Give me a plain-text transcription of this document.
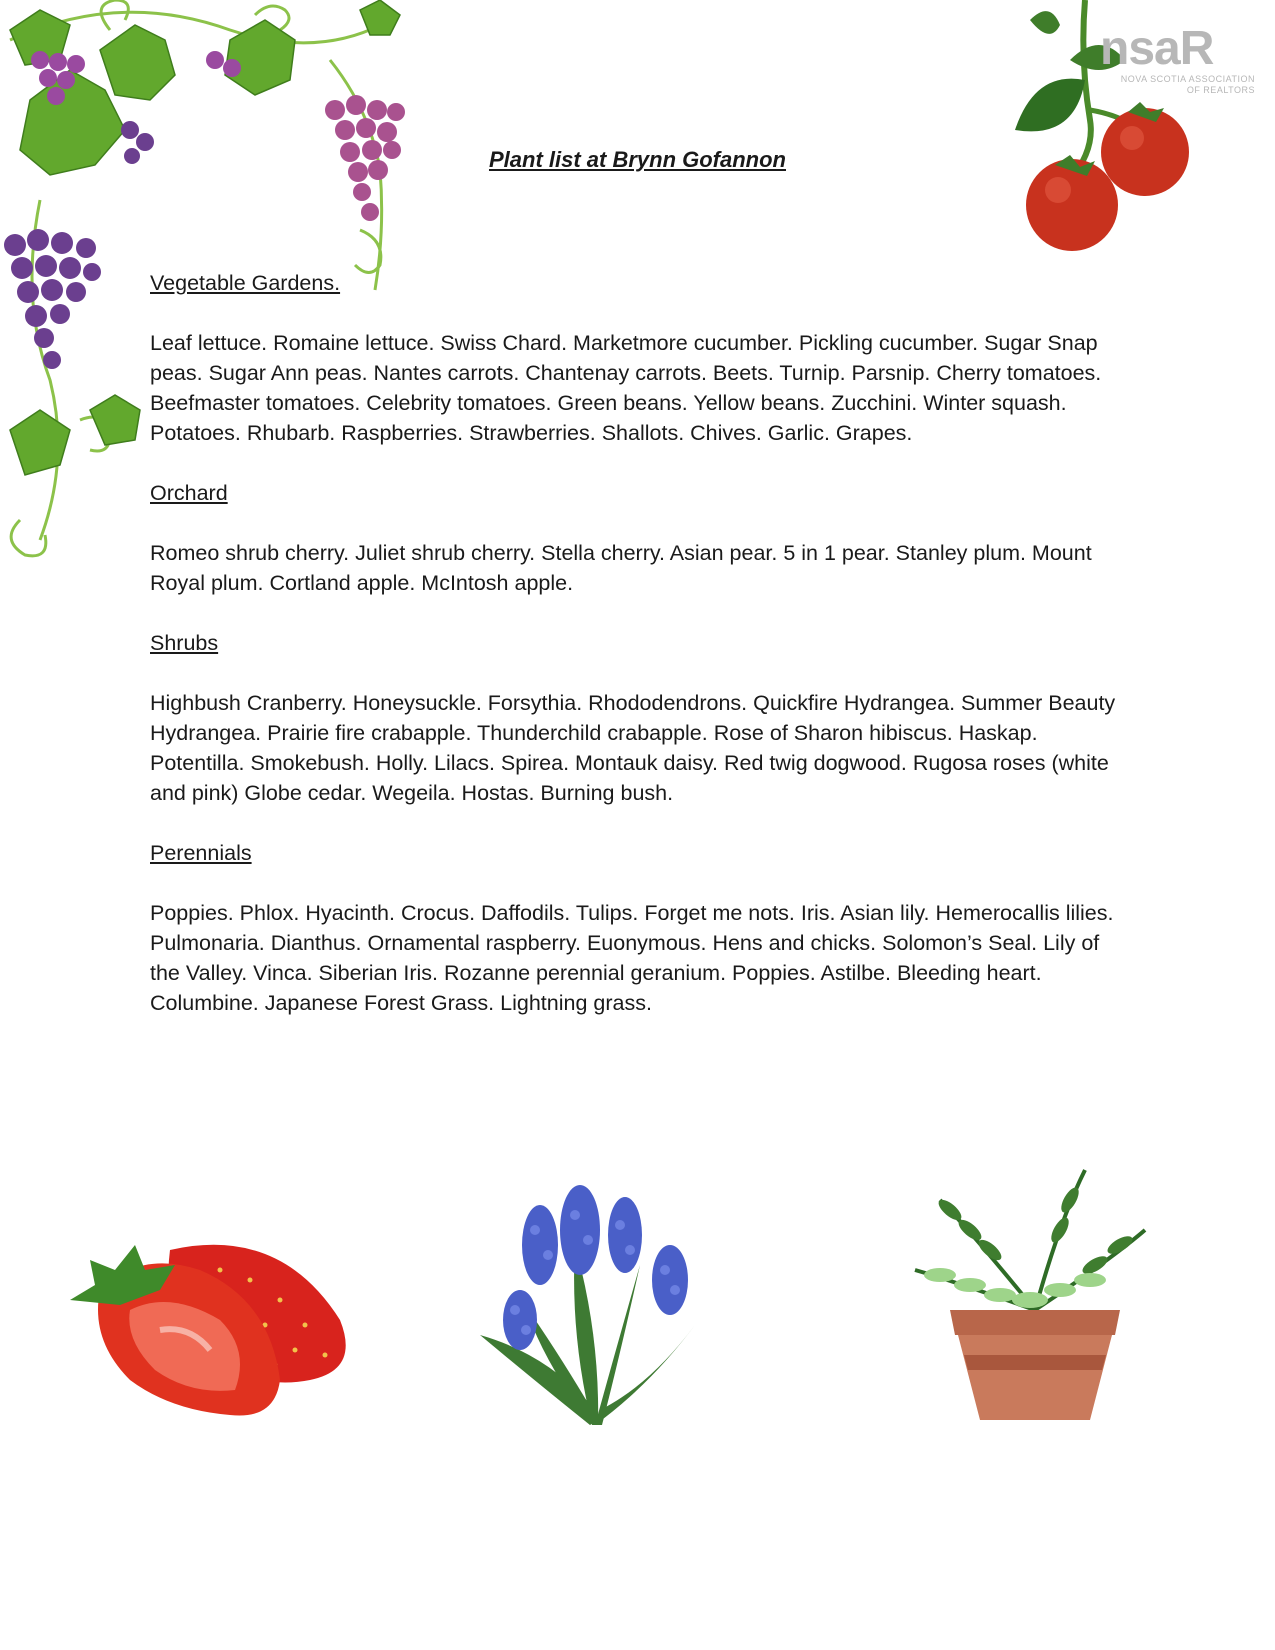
nsaR
NOVA SCOTIA ASSOCIATION
OF REALTORS
Plant list at Brynn Gofannon
Vegetable Gardens.

Leaf lettuce. Romaine lettuce. Swiss Chard. Marketmore cucumber. Pickling cucumber. Sugar Snap peas. Sugar Ann peas. Nantes carrots. Chantenay carrots. Beets. Turnip. Parsnip. Cherry tomatoes. Beefmaster tomatoes. Celebrity tomatoes. Green beans. Yellow beans. Zucchini. Winter squash. Potatoes. Rhubarb. Raspberries. Strawberries. Shallots. Chives. Garlic. Grapes.

Orchard

Romeo shrub cherry. Juliet shrub cherry. Stella cherry. Asian pear. 5 in 1 pear. Stanley plum. Mount Royal plum. Cortland apple. McIntosh apple.

Shrubs

Highbush Cranberry. Honeysuckle. Forsythia. Rhododendrons. Quickfire Hydrangea. Summer Beauty Hydrangea. Prairie fire crabapple. Thunderchild crabapple. Rose of Sharon hibiscus. Haskap. Potentilla. Smokebush. Holly. Lilacs. Spirea. Montauk daisy. Red twig dogwood. Rugosa roses (white and pink) Globe cedar. Wegeila. Hostas. Burning bush.

Perennials

Poppies. Phlox. Hyacinth. Crocus. Daffodils. Tulips. Forget me nots. Iris. Asian lily. Hemerocallis lilies. Pulmonaria. Dianthus. Ornamental raspberry. Euonymous. Hens and chicks. Solomon’s Seal. Lily of the Valley. Vinca. Siberian Iris. Rozanne perennial geranium. Poppies. Astilbe. Bleeding heart. Columbine. Japanese Forest Grass. Lightning grass.
